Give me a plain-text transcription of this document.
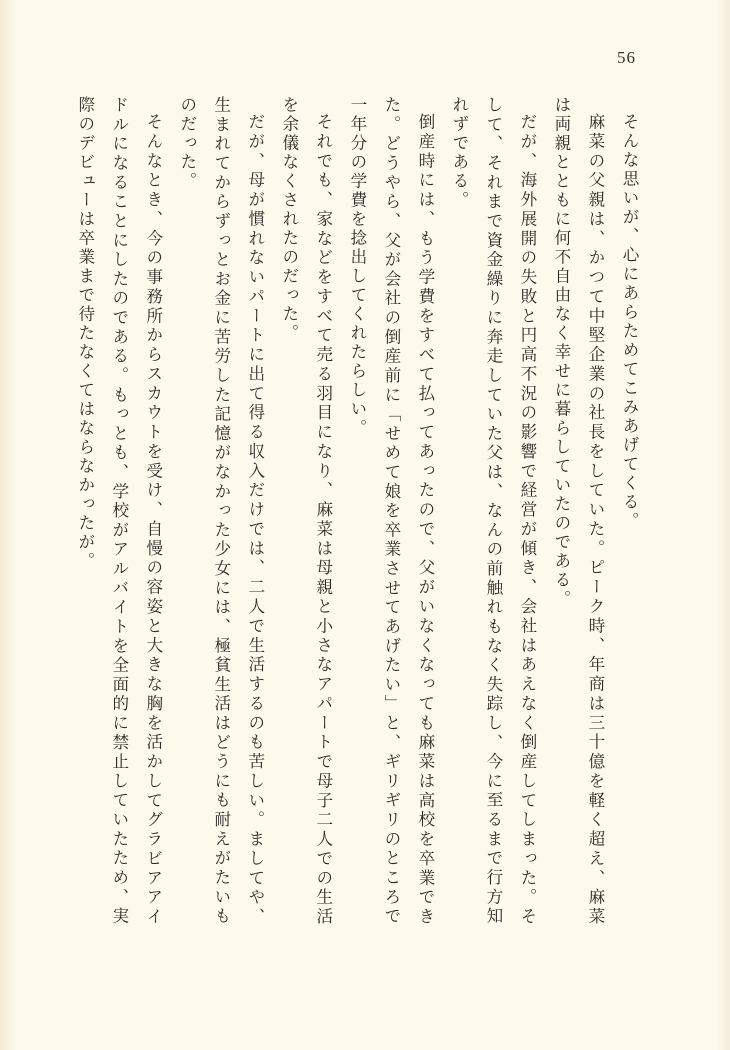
56

そんな思いが、心にあらためてこみあげてくる。

麻菜の父親は、かつて中堅企業の社長をしていた。ピーク時、年商は三十億を軽く超え、麻菜は両親とともに何不自由なく幸せに暮らしていたのである。

だが、海外展開の失敗と円高不況の影響で経営が傾き、会社はあえなく倒産してしまった。そして、それまで資金繰りに奔走していた父は、なんの前触れもなく失踪し、今に至るまで行方知れずである。

倒産時には、もう学費をすべて払ってあったので、父がいなくなっても麻菜は高校を卒業できた。どうやら、父が会社の倒産前に「せめて娘を卒業させてあげたい」と、ギリギリのところで一年分の学費を捻出してくれたらしい。

それでも、家などをすべて売る羽目になり、麻菜は母親と小さなアパートで母子二人での生活を余儀なくされたのだった。

だが、母が慣れないパートに出て得る収入だけでは、二人で生活するのも苦しい。ましてや、生まれてからずっとお金に苦労した記憶がなかった少女には、極貧生活はどうにも耐えがたいものだった。

そんなとき、今の事務所からスカウトを受け、自慢の容姿と大きな胸を活かしてグラビアアイドルになることにしたのである。もっとも、学校がアルバイトを全面的に禁止していたため、実際のデビューは卒業まで待たなくてはならなかったが。
